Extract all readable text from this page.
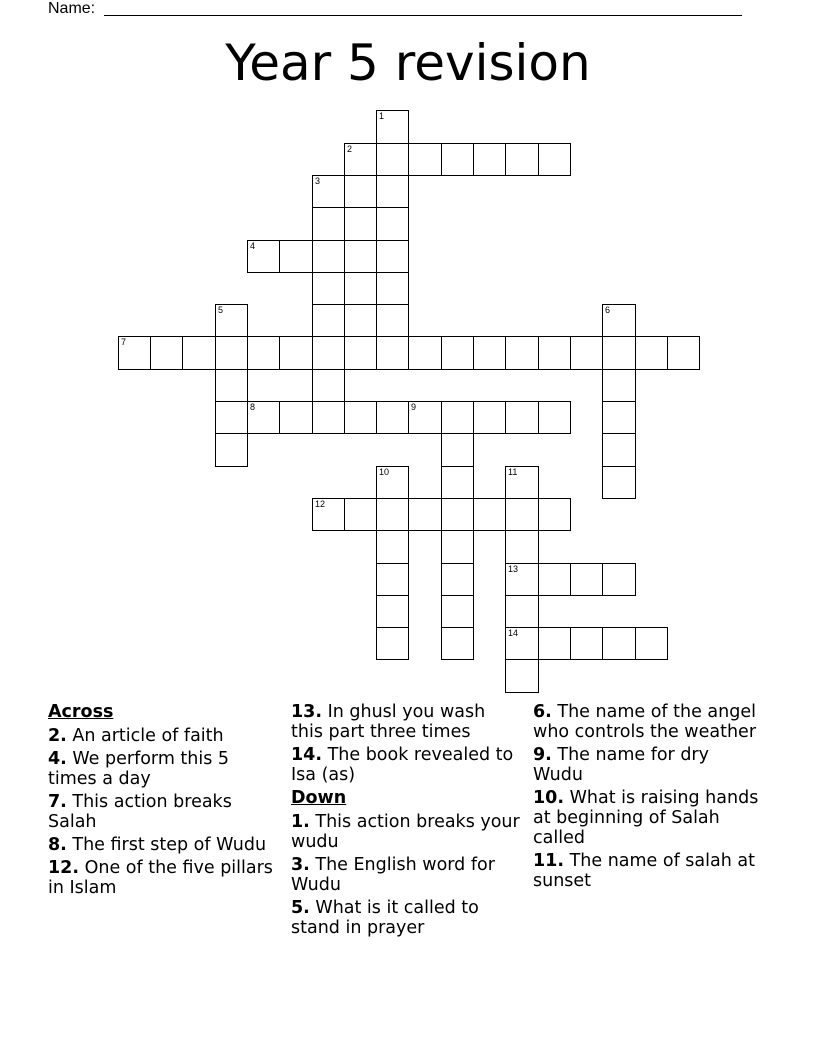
Name:
Year 5 revision
1
2
3
4
5	6
7
8	9
10	11
12
13
14
Across
2. An article of faith
4. We perform this 5 times a day
7. This action breaks Salah
8. The first step of Wudu
12. One of the five pillars in Islam
13. In ghusl you wash this part three times
14. The book revealed to Isa (as)
Down
1. This action breaks your wudu
3. The English word for Wudu
5. What is it called to stand in prayer
6. The name of the angel who controls the weather
9. The name for dry Wudu
10. What is raising hands at beginning of Salah called
11. The name of salah at sunset
